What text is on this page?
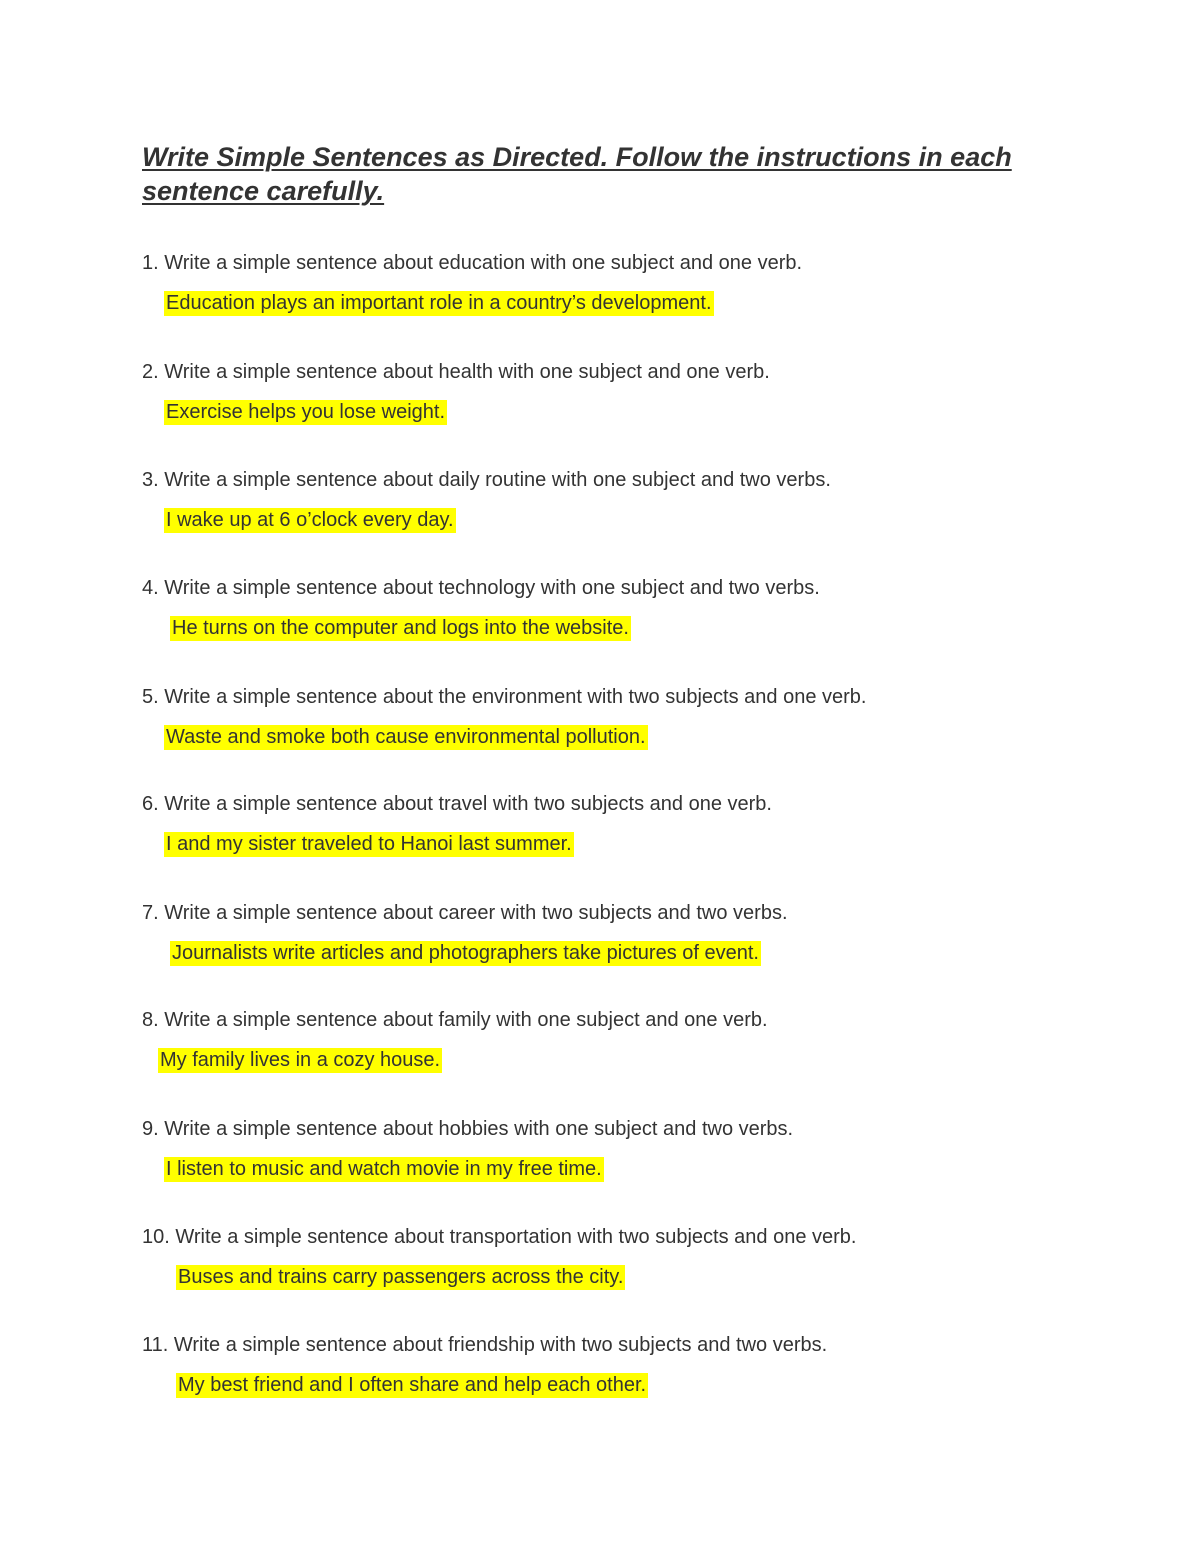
Write Simple Sentences as Directed. Follow the instructions in each sentence carefully.
1. Write a simple sentence about education with one subject and one verb.
Education plays an important role in a country’s development.
2. Write a simple sentence about health with one subject and one verb.
Exercise helps you lose weight.
3. Write a simple sentence about daily routine with one subject and two verbs.
I wake up at 6 o’clock every day.
4. Write a simple sentence about technology with one subject and two verbs.
He turns on the computer and logs into the website.
5. Write a simple sentence about the environment with two subjects and one verb.
Waste and smoke both cause environmental pollution.
6. Write a simple sentence about travel with two subjects and one verb.
I and my sister traveled to Hanoi last summer.
7. Write a simple sentence about career with two subjects and two verbs.
Journalists write articles and photographers take pictures of event.
8. Write a simple sentence about family with one subject and one verb.
My family lives in a cozy house.
9. Write a simple sentence about hobbies with one subject and two verbs.
I listen to music and watch movie in my free time.
10. Write a simple sentence about transportation with two subjects and one verb.
Buses and trains carry passengers across the city.
11. Write a simple sentence about friendship with two subjects and two verbs.
My best friend and I often share and help each other.
